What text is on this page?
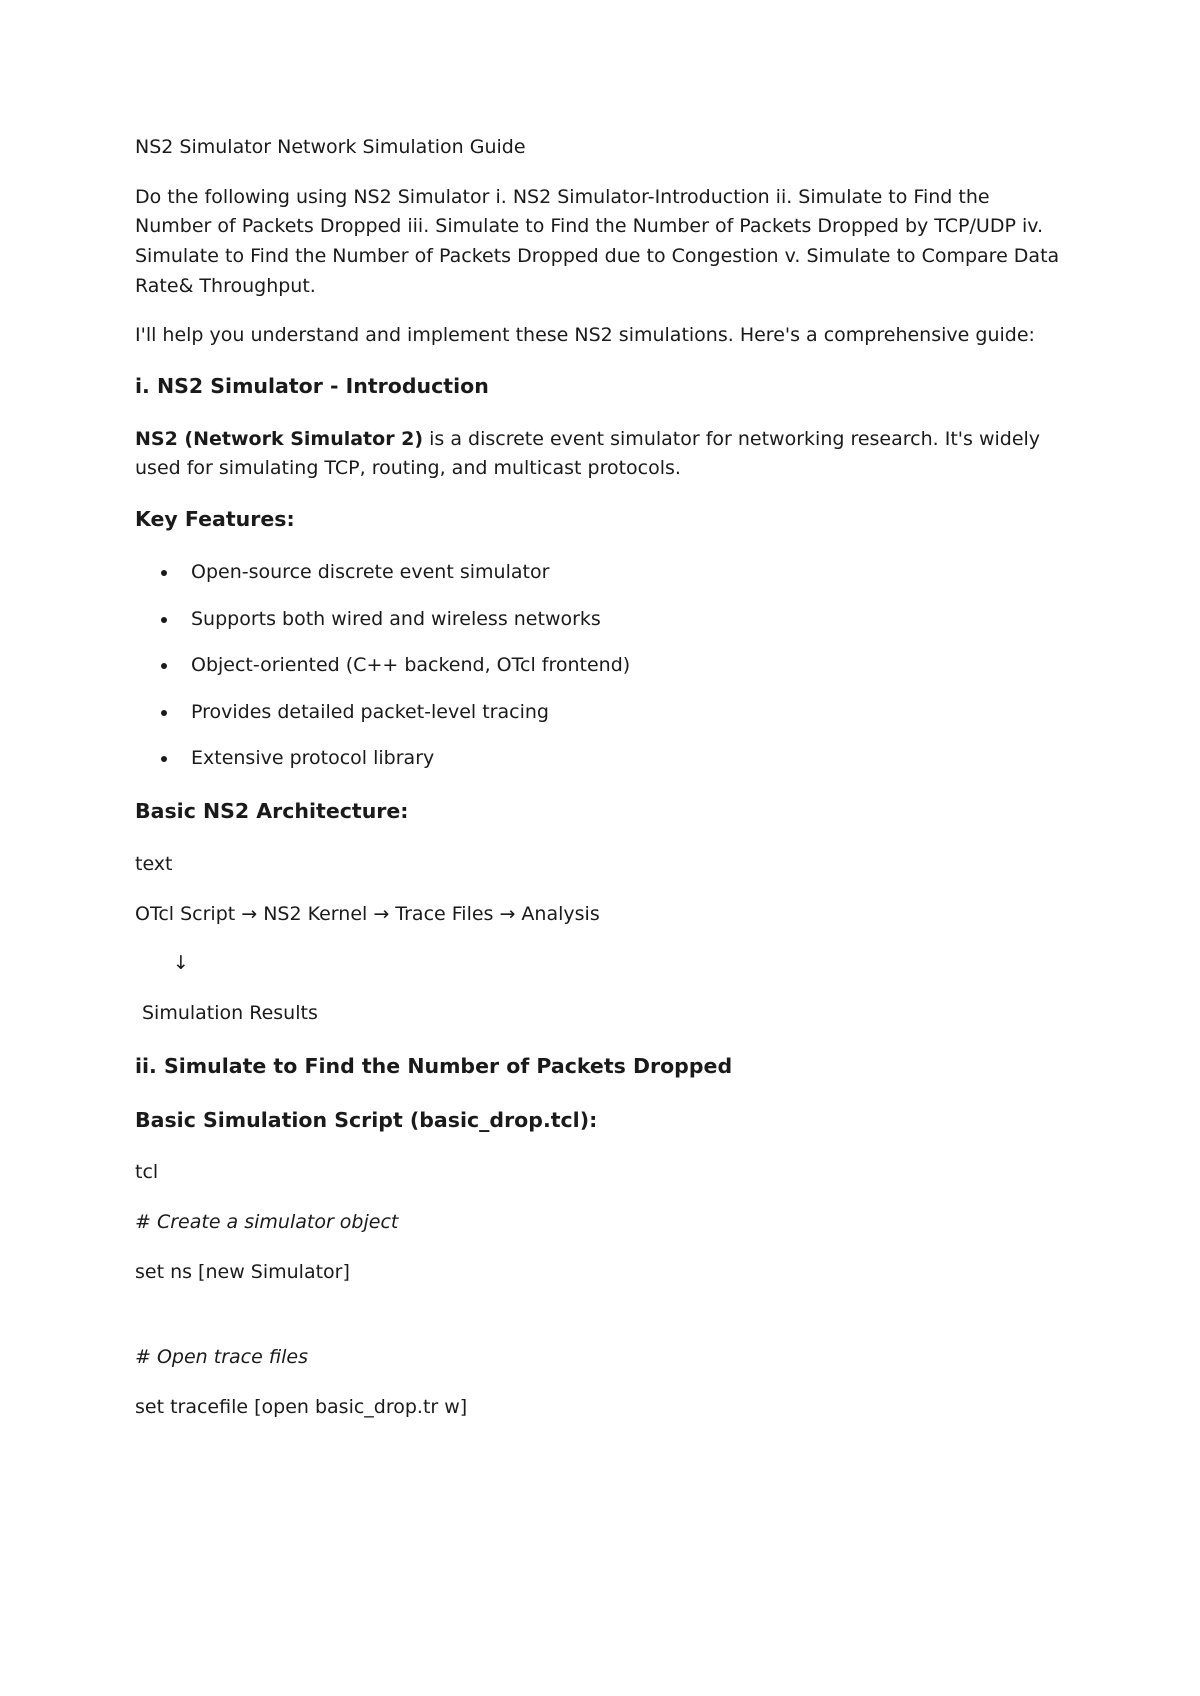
NS2 Simulator Network Simulation Guide

Do the following using NS2 Simulator i. NS2 Simulator-Introduction ii. Simulate to Find the Number of Packets Dropped iii. Simulate to Find the Number of Packets Dropped by TCP/UDP iv. Simulate to Find the Number of Packets Dropped due to Congestion v. Simulate to Compare Data Rate& Throughput.

I'll help you understand and implement these NS2 simulations. Here's a comprehensive guide:

i. NS2 Simulator - Introduction

NS2 (Network Simulator 2) is a discrete event simulator for networking research. It's widely used for simulating TCP, routing, and multicast protocols.

Key Features:

• Open-source discrete event simulator
• Supports both wired and wireless networks
• Object-oriented (C++ backend, OTcl frontend)
• Provides detailed packet-level tracing
• Extensive protocol library

Basic NS2 Architecture:

text

OTcl Script → NS2 Kernel → Trace Files → Analysis

↓

Simulation Results

ii. Simulate to Find the Number of Packets Dropped

Basic Simulation Script (basic_drop.tcl):

tcl

# Create a simulator object

set ns [new Simulator]

# Open trace files

set tracefile [open basic_drop.tr w]
